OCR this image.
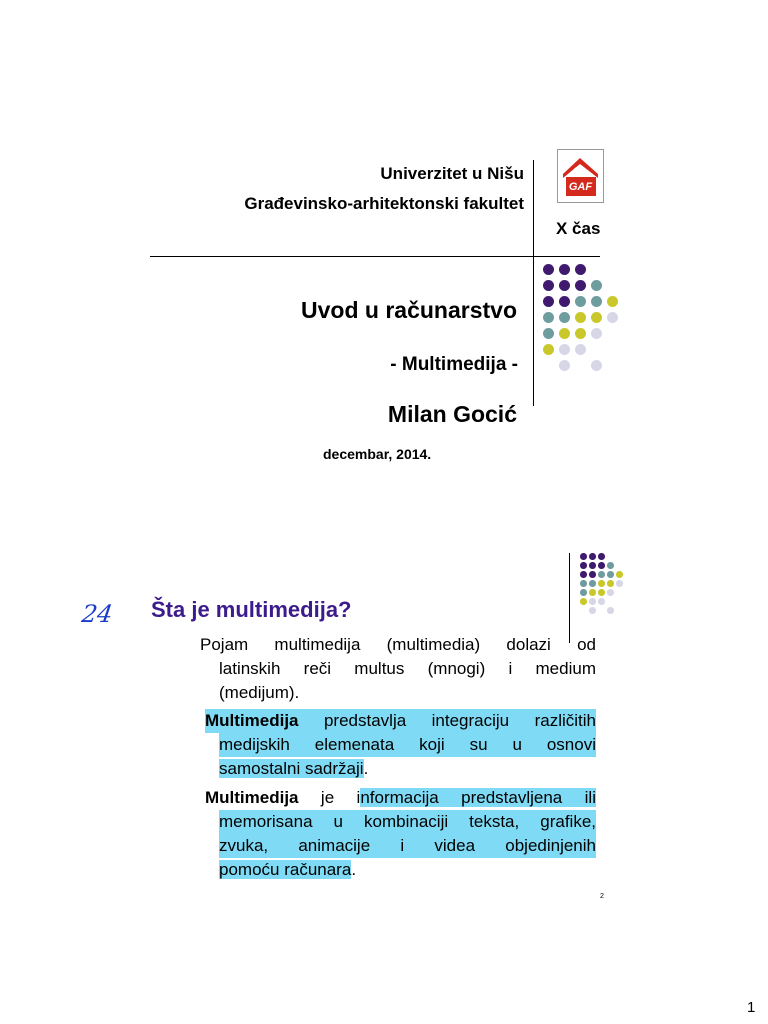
Univerzitet u Nišu
Građevinsko-arhitektonski fakultet
GAF
X čas
Uvod u računarstvo
- Multimedija -
Milan Gocić
decembar, 2014.
24 Šta je multimedija?
Pojam multimedija (multimedia) dolazi od
latinskih reči multus (mnogi) i medium
(medijum).
Multimedija predstavlja integraciju različitih
medijskih elemenata koji su u osnovi
samostalni sadržaji.
Multimedija je informacija predstavljena ili
memorisana u kombinaciji teksta, grafike,
zvuka, animacije i videa objedinjenih
pomoću računara.
2
1
